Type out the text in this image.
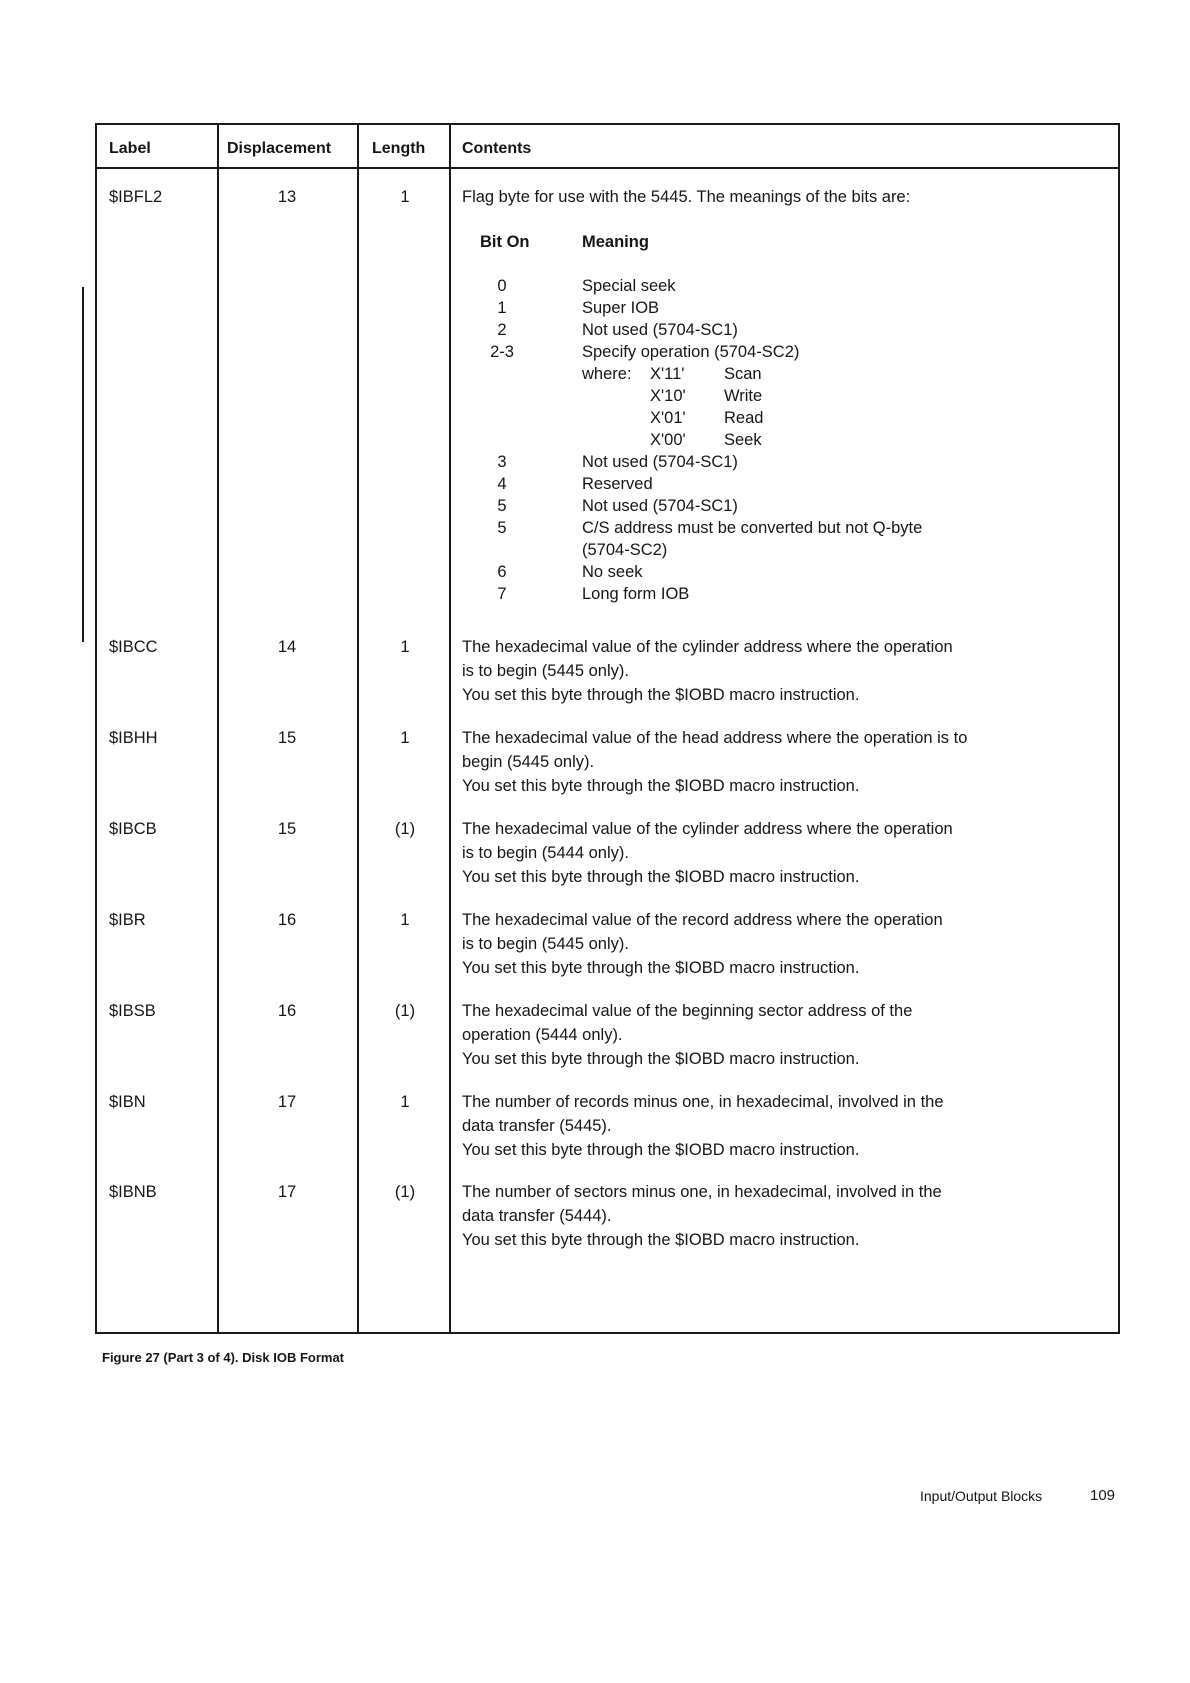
Label	Displacement	Length Contents
$IBFL2	13	1	Flag byte for use with the 5445. The meanings of the bits are:
Bit On	Meaning
0	Special seek
1	Super IOB
2	Not used (5704-SC1)
2-3	Specify operation (5704-SC2)
where: X'11' Scan
X'10' Write
X'01' Read
X'00' Seek
3	Not used (5704-SC1)
4	Reserved
5	Not used (5704-SC1)
5	C/S address must be converted but not Q-byte
(5704-SC2)
6	No seek
7	Long form IOB
$IBCC	14	1	The hexadecimal value of the cylinder address where the operation

is to begin (5445 only).

You set this byte through the $IOBD macro instruction.

$IBHH	15	1	The hexadecimal value of the head address where the operation is to

begin (5445 only).

You set this byte through the $IOBD macro instruction.

$IBCB	15	(1)	The hexadecimal value of the cylinder address where the operation

is to begin (5444 only).

You set this byte through the $IOBD macro instruction.

$IBR	16	1	The hexadecimal value of the record address where the operation

is to begin (5445 only).

You set this byte through the $IOBD macro instruction.

$IBSB	16	(1)	The hexadecimal value of the beginning sector address of the

operation (5444 only).

You set this byte through the $IOBD macro instruction.

$IBN	17	1	The number of records minus one, in hexadecimal, involved in the

data transfer (5445).

You set this byte through the $IOBD macro instruction.

$IBNB	17	(1)	The number of sectors minus one, in hexadecimal, involved in the

data transfer (5444).

You set this byte through the $IOBD macro instruction.

Figure 27 (Part 3 of 4). Disk IOB Format
Input/Output Blocks	109
